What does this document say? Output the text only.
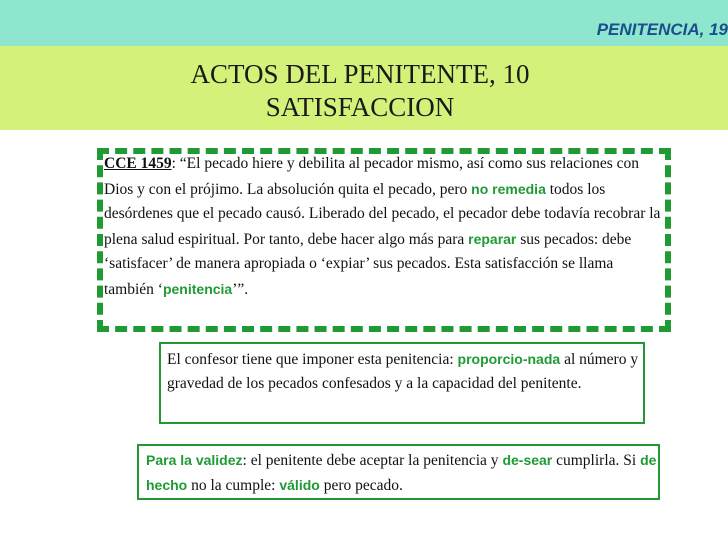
PENITENCIA, 19
ACTOS DEL PENITENTE, 10
SATISFACCION
CCE 1459: “El pecado hiere y debilita al pecador mismo, así como sus relaciones con Dios y con el prójimo. La absolución quita el pecado, pero no remedia todos los desórdenes que el pecado causó. Liberado del pecado, el pecador debe todavía recobrar la plena salud espiritual. Por tanto, debe hacer algo más para reparar sus pecados: debe ‘satisfacer’ de manera apropiada o ‘expiar’ sus pecados. Esta satisfacción se llama también ‘penitencia’”.
El confesor tiene que imponer esta penitencia: proporcio-nada al número y gravedad de los pecados confesados y a la capacidad del penitente.
Para la validez: el penitente debe aceptar la penitencia y de-sear cumplirla. Si de hecho no la cumple: válido pero pecado.
